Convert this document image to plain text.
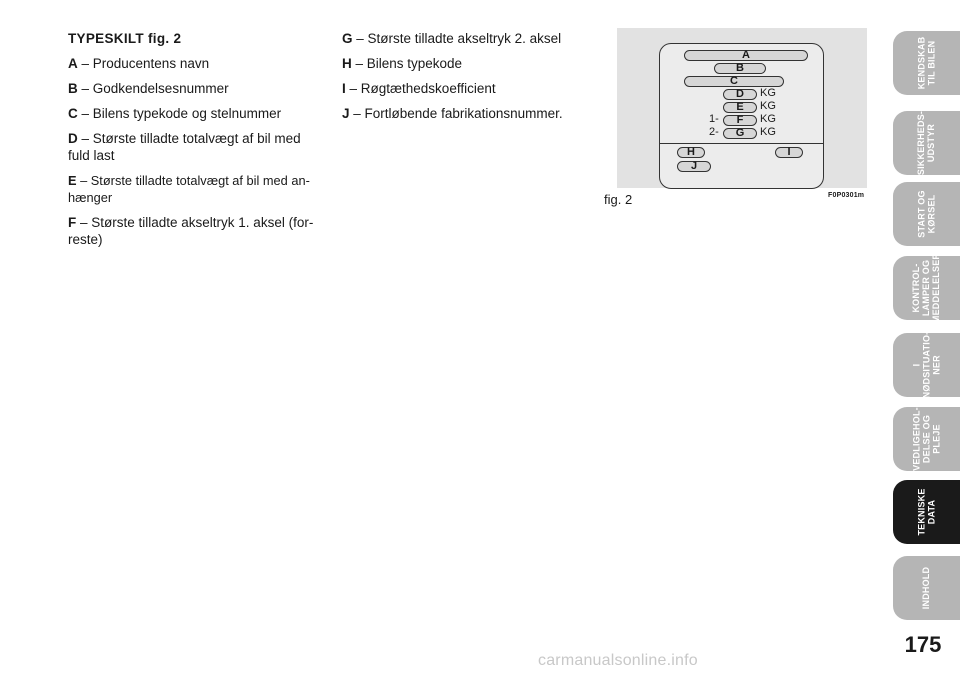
TYPESKILT fig. 2

A – Producentens navn

B – Godkendelsesnummer

C – Bilens typekode og stelnummer

D – Største tilladte totalvægt af bil med fuld last

E – Største tilladte totalvægt af bil med an-hænger

F – Største tilladte akseltryk 1. aksel (for-reste)

G – Største tilladte akseltryk 2. aksel

H – Bilens typekode

I – Røgtæthedskoefficient

J – Fortløbende fabrikationsnummer.

A
B
C
D
E
F
G
H	I
J
KG
KG
KG
KG
1-
2-
fig. 2	F0P0301m
KENDSKAB
TIL BILEN
SIKKERHEDS-
UDSTYR
START OG
KØRSEL
KONTROL-
LAMPER OG
MEDDELELSER
I
NØDSITUATIO-
NER
VEDLIGEHOL-
DELSE OG PLEJE
TEKNISKE
DATA
INDHOLD
175
carmanualsonline.info
